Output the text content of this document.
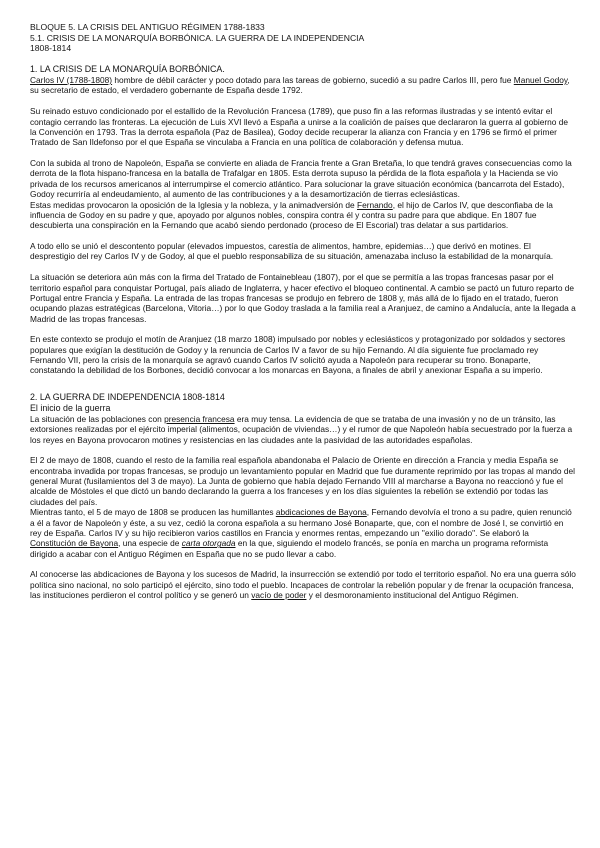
BLOQUE 5. LA CRISIS DEL ANTIGUO RÉGIMEN 1788-1833
5.1. CRISIS DE LA MONARQUÍA BORBÓNICA. LA GUERRA DE LA INDEPENDENCIA
1808-1814
1. LA CRISIS DE LA MONARQUÍA BORBÓNICA.

Carlos IV (1788-1808) hombre de débil carácter y poco dotado para las tareas de gobierno, sucedió a su padre Carlos III, pero fue Manuel Godoy, su secretario de estado, el verdadero gobernante de España desde 1792.

Su reinado estuvo condicionado por el estallido de la Revolución Francesa (1789), que puso fin a las reformas ilustradas y se intentó evitar el contagio cerrando las fronteras. La ejecución de Luis XVI llevó a España a unirse a la coalición de países que declararon la guerra al gobierno de la Convención en 1793. Tras la derrota española (Paz de Basilea), Godoy decide recuperar la alianza con Francia y en 1796 se firmó el primer Tratado de San Ildefonso por el que España se vinculaba a Francia en una política de colaboración y defensa mutua.

Con la subida al trono de Napoleón, España se convierte en aliada de Francia frente a Gran Bretaña, lo que tendrá graves consecuencias como la derrota de la flota hispano-francesa en la batalla de Trafalgar en 1805. Esta derrota supuso la pérdida de la flota española y la Hacienda se vio privada de los recursos americanos al interrumpirse el comercio atlántico. Para solucionar la grave situación económica (bancarrota del Estado), Godoy recurriría al endeudamiento, al aumento de las contribuciones y a la desamortización de tierras eclesiásticas.

Estas medidas provocaron la oposición de la Iglesia y la nobleza, y la animadversión de Fernando, el hijo de Carlos IV, que desconfiaba de la influencia de Godoy en su padre y que, apoyado por algunos nobles, conspira contra él y contra su padre para que abdique. En 1807 fue descubierta una conspiración en la Fernando que acabó siendo perdonado (proceso de El Escorial) tras delatar a sus partidarios.

A todo ello se unió el descontento popular (elevados impuestos, carestía de alimentos, hambre, epidemias…) que derivó en motines. El desprestigio del rey Carlos IV y de Godoy, al que el pueblo responsabiliza de su situación, amenazaba incluso la estabilidad de la monarquía.

La situación se deteriora aún más con la firma del Tratado de Fontainebleau (1807), por el que se permitía a las tropas francesas pasar por el territorio español para conquistar Portugal, país aliado de Inglaterra, y hacer efectivo el bloqueo continental. A cambio se pactó un futuro reparto de Portugal entre Francia y España. La entrada de las tropas francesas se produjo en febrero de 1808 y, más allá de lo fijado en el tratado, fueron ocupando plazas estratégicas (Barcelona, Vitoria…) por lo que Godoy traslada a la familia real a Aranjuez, de camino a Andalucía, ante la llegada a Madrid de las tropas francesas.

En este contexto se produjo el motín de Aranjuez (18 marzo 1808) impulsado por nobles y eclesiásticos y protagonizado por soldados y sectores populares que exigían la destitución de Godoy y la renuncia de Carlos IV a favor de su hijo Fernando. Al día siguiente fue proclamado rey Fernando VII, pero la crisis de la monarquía se agravó cuando Carlos IV solicitó ayuda a Napoleón para recuperar su trono. Bonaparte, constatando la debilidad de los Borbones, decidió convocar a los monarcas en Bayona, a finales de abril y anexionar España a su imperio.

2. LA GUERRA DE INDEPENDENCIA 1808-1814
El inicio de la guerra

La situación de las poblaciones con presencia francesa era muy tensa. La evidencia de que se trataba de una invasión y no de un tránsito, las extorsiones realizadas por el ejército imperial (alimentos, ocupación de viviendas…) y el rumor de que Napoleón había secuestrado por la fuerza a los reyes en Bayona provocaron motines y resistencias en las ciudades ante la pasividad de las autoridades españolas.

El 2 de mayo de 1808, cuando el resto de la familia real española abandonaba el Palacio de Oriente en dirección a Francia y media España se encontraba invadida por tropas francesas, se produjo un levantamiento popular en Madrid que fue duramente reprimido por las tropas al mando del general Murat (fusilamientos del 3 de mayo). La Junta de gobierno que había dejado Fernando VIII al marcharse a Bayona no reaccionó y fue el alcalde de Móstoles el que dictó un bando declarando la guerra a los franceses y en los días siguientes la rebelión se extendió por todas las ciudades del país.

Mientras tanto, el 5 de mayo de 1808 se producen las humillantes abdicaciones de Bayona, Fernando devolvía el trono a su padre, quien renunció a él a favor de Napoleón y éste, a su vez, cedió la corona española a su hermano José Bonaparte, que, con el nombre de José I, se convirtió en rey de España. Carlos IV y su hijo recibieron varios castillos en Francia y enormes rentas, empezando un "exilio dorado". Se elaboró la Constitución de Bayona, una especie de carta otorgada en la que, siguiendo el modelo francés, se ponía en marcha un programa reformista dirigido a acabar con el Antiguo Régimen en España que no se pudo llevar a cabo.

Al conocerse las abdicaciones de Bayona y los sucesos de Madrid, la insurrección se extendió por todo el territorio español. No era una guerra sólo política sino nacional, no solo participó el ejército, sino todo el pueblo. Incapaces de controlar la rebelión popular y de frenar la ocupación francesa, las instituciones perdieron el control político y se generó un vacío de poder y el desmoronamiento institucional del Antiguo Régimen.
